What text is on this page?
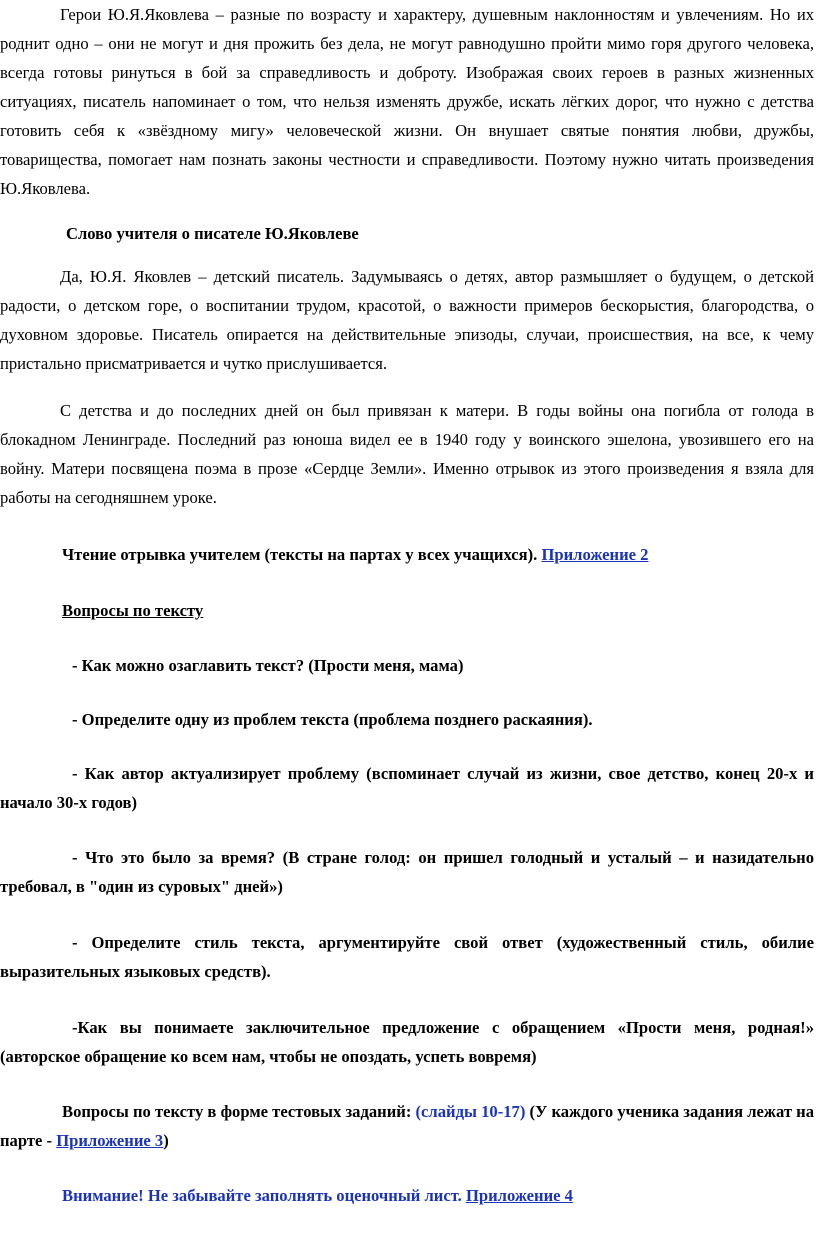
Герои Ю.Я.Яковлева – разные по возрасту и характеру, душевным наклонностям и увлечениям. Но их роднит одно – они не могут и дня прожить без дела, не могут равнодушно пройти мимо горя другого человека, всегда готовы ринуться в бой за справедливость и доброту. Изображая своих героев в разных жизненных ситуациях, писатель напоминает о том, что нельзя изменять дружбе, искать лёгких дорог, что нужно с детства готовить себя к «звёздному мигу» человеческой жизни. Он внушает святые понятия любви, дружбы, товарищества, помогает нам познать законы честности и справедливости. Поэтому нужно читать произведения Ю.Яковлева.

Слово учителя о писателе Ю.Яковлеве

Да, Ю.Я. Яковлев – детский писатель. Задумываясь о детях, автор размышляет о будущем, о детской радости, о детском горе, о воспитании трудом, красотой, о важности примеров бескорыстия, благородства, о духовном здоровье. Писатель опирается на действительные эпизоды, случаи, происшествия, на все, к чему пристально присматривается и чутко прислушивается.

С детства и до последних дней он был привязан к матери. В годы войны она погибла от голода в блокадном Ленинграде. Последний раз юноша видел ее в 1940 году у воинского эшелона, увозившего его на войну. Матери посвящена поэма в прозе «Сердце Земли». Именно отрывок из этого произведения я взяла для работы на сегодняшнем уроке.

Чтение отрывка учителем (тексты на партах у всех учащихся). Приложение 2

Вопросы по тексту

- Как можно озаглавить текст? (Прости меня, мама)

- Определите одну из проблем текста (проблема позднего раскаяния).

- Как автор актуализирует проблему (вспоминает случай из жизни, свое детство, конец 20-х и начало 30-х годов)

- Что это было за время? (В стране голод: он пришел голодный и усталый – и назидательно требовал, в "один из суровых" дней»)

- Определите стиль текста, аргументируйте свой ответ (художественный стиль, обилие выразительных языковых средств).

-Как вы понимаете заключительное предложение с обращением «Прости меня, родная!» (авторское обращение ко всем нам, чтобы не опоздать, успеть вовремя)

Вопросы по тексту в форме тестовых заданий: (слайды 10-17) (У каждого ученика задания лежат на парте - Приложение 3)

Внимание! Не забывайте заполнять оценочный лист. Приложение 4
